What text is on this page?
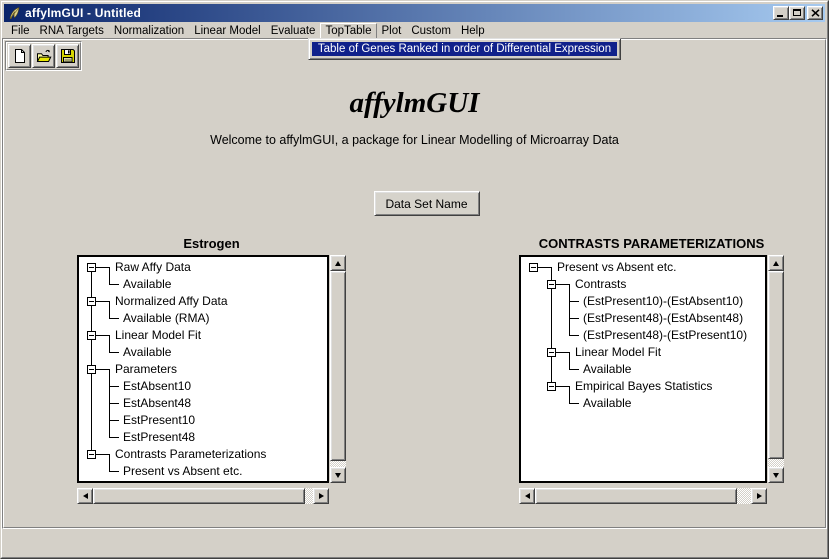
affylmGUI - Untitled
File RNA Targets Normalization Linear Model Evaluate TopTable Plot Custom Help
affylmGUI
Welcome to affylmGUI, a package for Linear Modelling of Microarray Data
Data Set Name
Estrogen
Raw Affy Data
Available
Normalized Affy Data
Available (RMA)
Linear Model Fit
Available
Parameters
EstAbsent10
EstAbsent48
EstPresent10
EstPresent48
Contrasts Parameterizations
Present vs Absent etc.
CONTRASTS PARAMETERIZATIONS
Present vs Absent etc.
Contrasts
(EstPresent10)-(EstAbsent10)
(EstPresent48)-(EstAbsent48)
(EstPresent48)-(EstPresent10)
Linear Model Fit
Available
Empirical Bayes Statistics
Available
Table of Genes Ranked in order of Differential Expression
